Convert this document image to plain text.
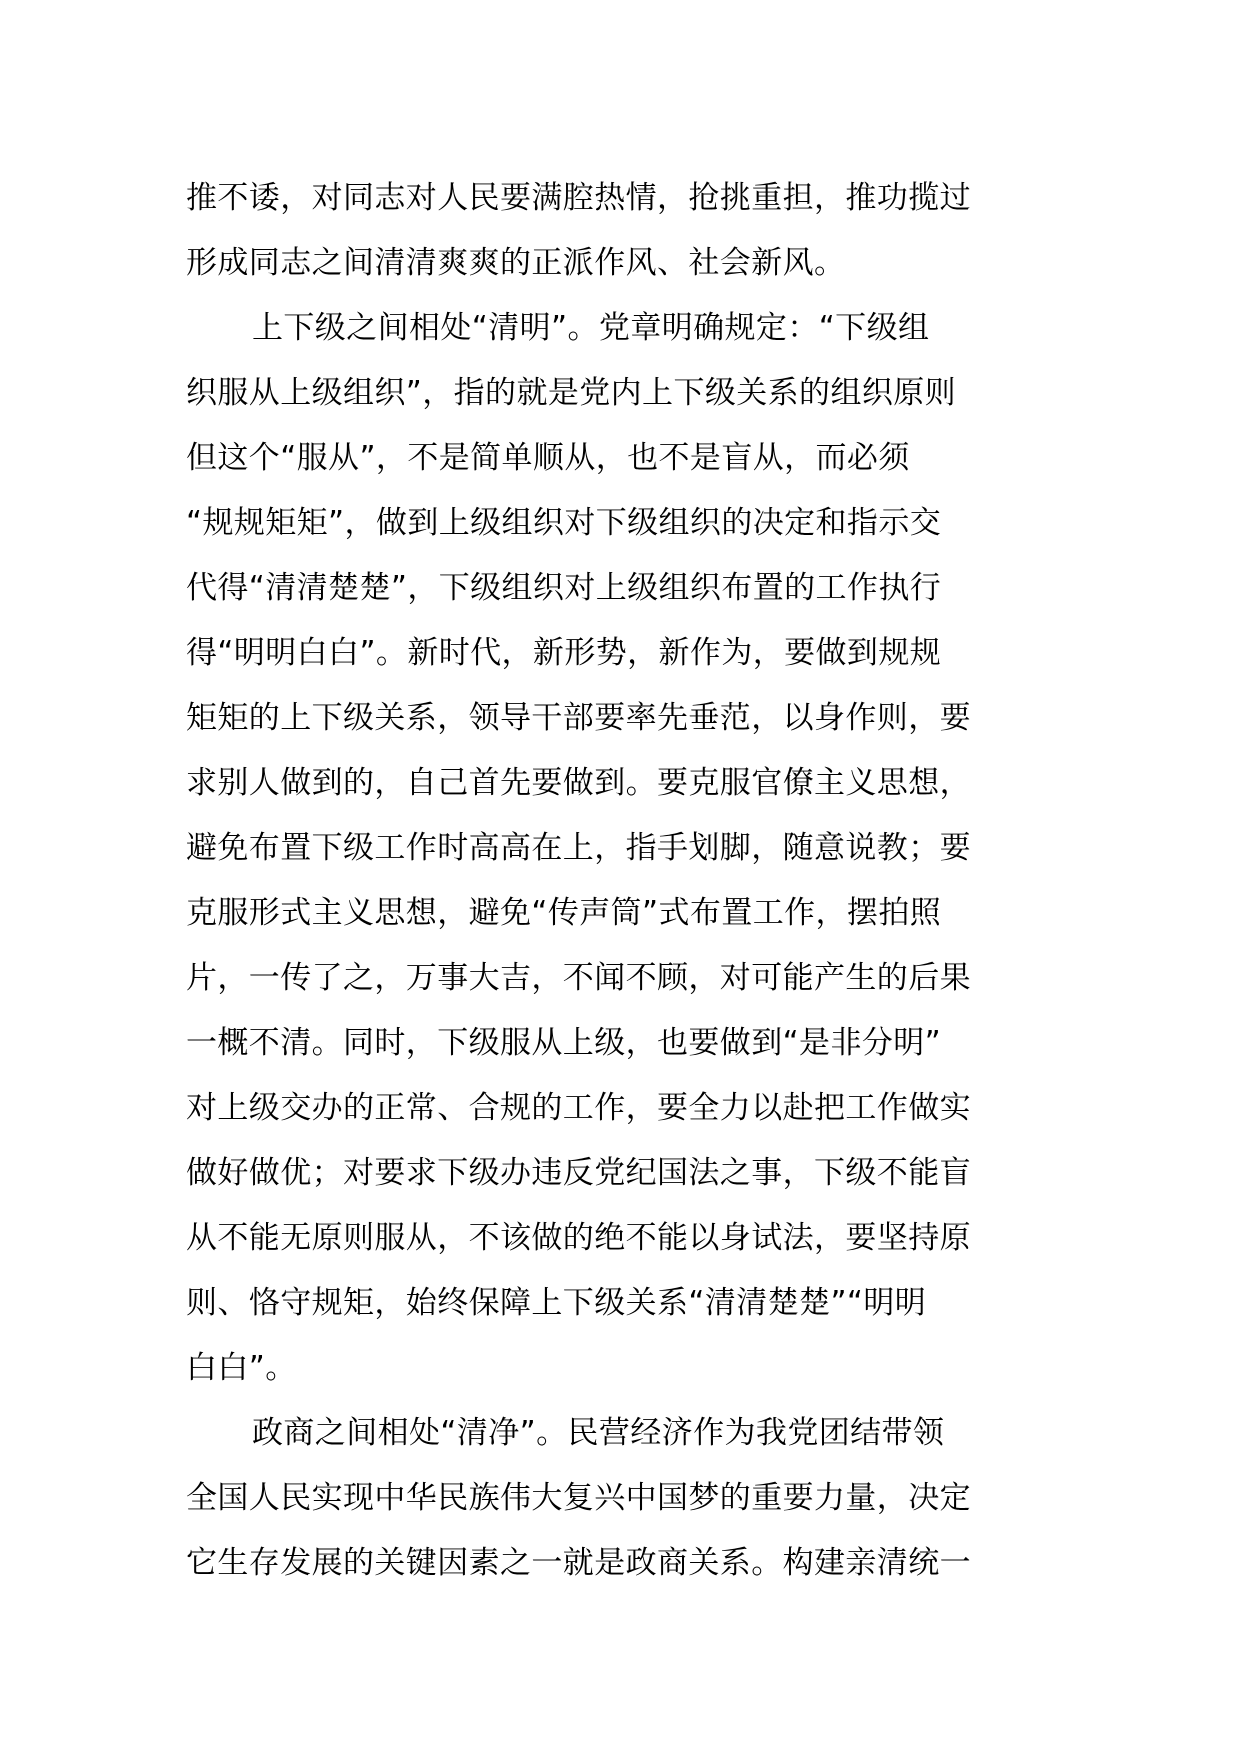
推不诿，对同志对人民要满腔热情，抢挑重担，推功揽过
形成同志之间清清爽爽的正派作风、社会新风。
上下级之间相处“清明”。党章明确规定：“下级组
织服从上级组织”，指的就是党内上下级关系的组织原则
但这个“服从”，不是简单顺从，也不是盲从，而必须
“规规矩矩”，做到上级组织对下级组织的决定和指示交
代得“清清楚楚”，下级组织对上级组织布置的工作执行
得“明明白白”。新时代，新形势，新作为，要做到规规
矩矩的上下级关系，领导干部要率先垂范，以身作则，要
求别人做到的，自己首先要做到。要克服官僚主义思想，
避免布置下级工作时高高在上，指手划脚，随意说教；要
克服形式主义思想，避免“传声筒”式布置工作，摆拍照
片，一传了之，万事大吉，不闻不顾，对可能产生的后果
一概不清。同时，下级服从上级，也要做到“是非分明”
对上级交办的正常、合规的工作，要全力以赴把工作做实
做好做优；对要求下级办违反党纪国法之事，下级不能盲
从不能无原则服从，不该做的绝不能以身试法，要坚持原
则、恪守规矩，始终保障上下级关系“清清楚楚”“明明
白白”。
政商之间相处“清净”。民营经济作为我党团结带领
全国人民实现中华民族伟大复兴中国梦的重要力量，决定
它生存发展的关键因素之一就是政商关系。构建亲清统一
